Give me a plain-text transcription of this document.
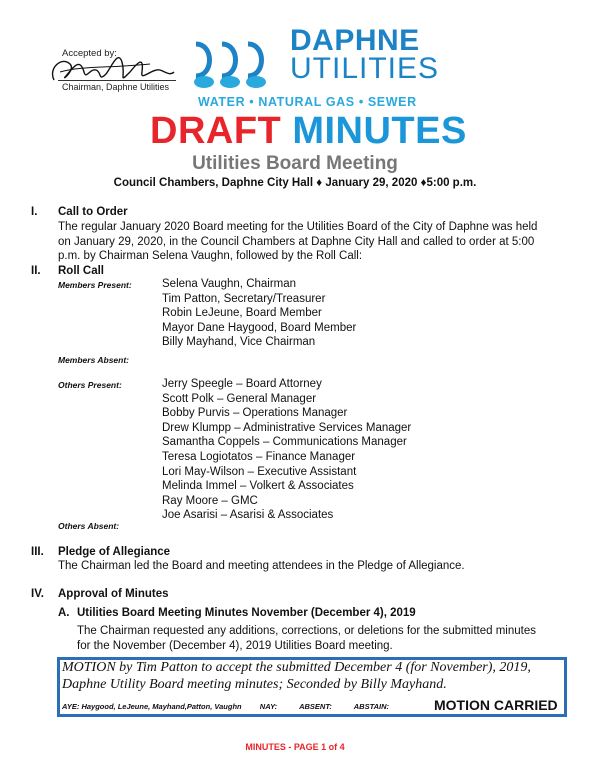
Accepted by:
Chairman, Daphne Utilities
DAPHNE
UTILITIES
WATER • NATURAL GAS • SEWER
DRAFT MINUTES
Utilities Board Meeting
Council Chambers, Daphne City Hall ♦ January 29, 2020 ♦5:00 p.m.
I. Call to Order
The regular January 2020 Board meeting for the Utilities Board of the City of Daphne was held
on January 29, 2020, in the Council Chambers at Daphne City Hall and called to order at 5:00
p.m. by Chairman Selena Vaughn, followed by the Roll Call:
II. Roll Call
Members Present:	Selena Vaughn, Chairman
Tim Patton, Secretary/Treasurer
Robin LeJeune, Board Member
Mayor Dane Haygood, Board Member
Billy Mayhand, Vice Chairman
Members Absent:
Others Present:	Jerry Speegle – Board Attorney
Scott Polk – General Manager
Bobby Purvis – Operations Manager
Drew Klumpp – Administrative Services Manager
Samantha Coppels – Communications Manager
Teresa Logiotatos – Finance Manager
Lori May-Wilson – Executive Assistant
Melinda Immel – Volkert & Associates
Ray Moore – GMC
Joe Asarisi – Asarisi & Associates
Others Absent:
III. Pledge of Allegiance
The Chairman led the Board and meeting attendees in the Pledge of Allegiance.
IV. Approval of Minutes
A. Utilities Board Meeting Minutes November (December 4), 2019
The Chairman requested any additions, corrections, or deletions for the submitted minutes
for the November (December 4), 2019 Utilities Board meeting.
MOTION by Tim Patton to accept the submitted December 4 (for November), 2019,
Daphne Utility Board meeting minutes; Seconded by Billy Mayhand.
AYE: Haygood, LeJeune, Mayhand,Patton, Vaughn NAY:	ABSENT:	ABSTAIN:	MOTION CARRIED
MINUTES - PAGE 1 of 4
